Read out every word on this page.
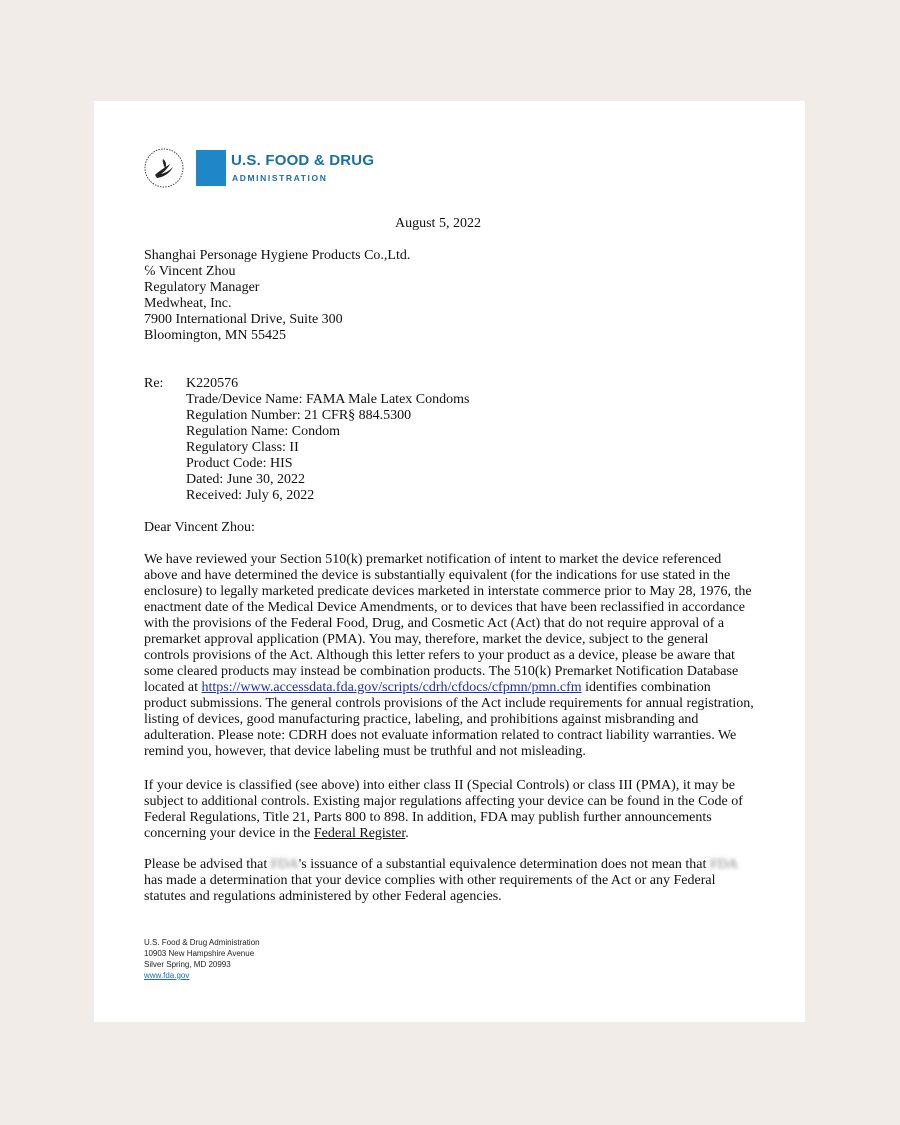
U.S. FOOD & DRUG
ADMINISTRATION
August 5, 2022
Shanghai Personage Hygiene Products Co.,Ltd.
℅ Vincent Zhou
Regulatory Manager
Medwheat, Inc.
7900 International Drive, Suite 300
Bloomington, MN 55425
Re: K220576
Trade/Device Name: FAMA Male Latex Condoms
Regulation Number: 21 CFR§ 884.5300
Regulation Name: Condom
Regulatory Class: II
Product Code: HIS
Dated: June 30, 2022
Received: July 6, 2022
Dear Vincent Zhou:
We have reviewed your Section 510(k) premarket notification of intent to market the device referenced
above and have determined the device is substantially equivalent (for the indications for use stated in the
enclosure) to legally marketed predicate devices marketed in interstate commerce prior to May 28, 1976, the
enactment date of the Medical Device Amendments, or to devices that have been reclassified in accordance
with the provisions of the Federal Food, Drug, and Cosmetic Act (Act) that do not require approval of a
premarket approval application (PMA). You may, therefore, market the device, subject to the general
controls provisions of the Act. Although this letter refers to your product as a device, please be aware that
some cleared products may instead be combination products. The 510(k) Premarket Notification Database
located at https://www.accessdata.fda.gov/scripts/cdrh/cfdocs/cfpmn/pmn.cfm identifies combination
product submissions. The general controls provisions of the Act include requirements for annual registration,
listing of devices, good manufacturing practice, labeling, and prohibitions against misbranding and
adulteration. Please note: CDRH does not evaluate information related to contract liability warranties. We
remind you, however, that device labeling must be truthful and not misleading.
If your device is classified (see above) into either class II (Special Controls) or class III (PMA), it may be
subject to additional controls. Existing major regulations affecting your device can be found in the Code of
Federal Regulations, Title 21, Parts 800 to 898. In addition, FDA may publish further announcements
concerning your device in the Federal Register.
Please be advised that FDA's issuance of a substantial equivalence determination does not mean that FDA
has made a determination that your device complies with other requirements of the Act or any Federal
statutes and regulations administered by other Federal agencies.
U.S. Food & Drug Administration
10903 New Hampshire Avenue
Silver Spring, MD 20993
www.fda.gov
